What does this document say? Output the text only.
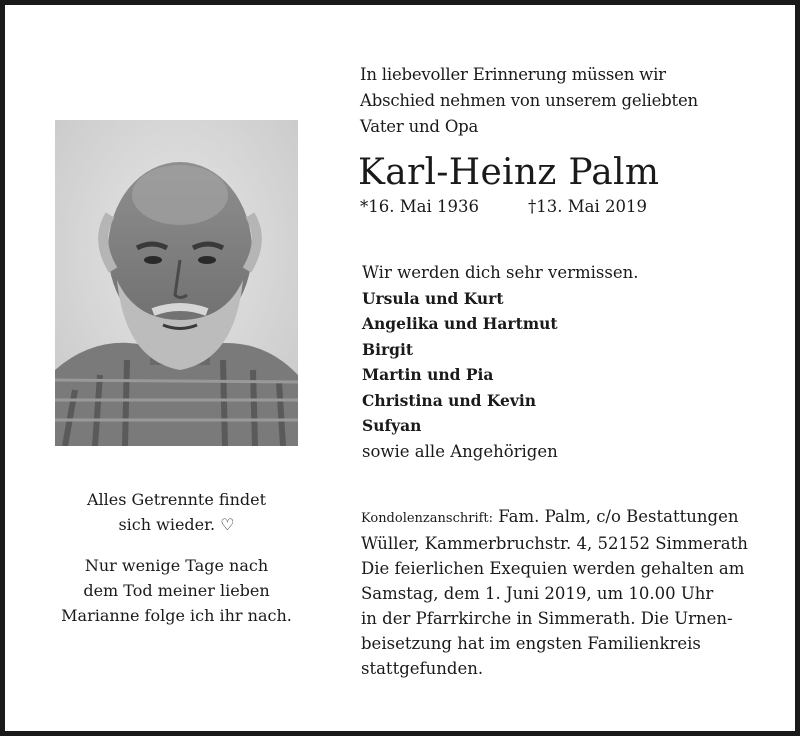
In liebevoller Erinnerung müssen wir
Abschied nehmen von unserem geliebten
Vater und Opa
Karl-Heinz Palm
*16. Mai 1936	†13. Mai 2019
Wir werden dich sehr vermissen.
Ursula und Kurt
Angelika und Hartmut
Birgit
Martin und Pia
Christina und Kevin
Sufyan
sowie alle Angehörigen
Alles Getrennte findet
sich wieder. ♡
Nur wenige Tage nach
dem Tod meiner lieben
Marianne folge ich ihr nach.
Kondolenzanschrift: Fam. Palm, c/o Bestattungen
Wüller, Kammerbruchstr. 4, 52152 Simmerath
Die feierlichen Exequien werden gehalten am
Samstag, dem 1. Juni 2019, um 10.00 Uhr
in der Pfarrkirche in Simmerath. Die Urnen-
beisetzung hat im engsten Familienkreis
stattgefunden.
